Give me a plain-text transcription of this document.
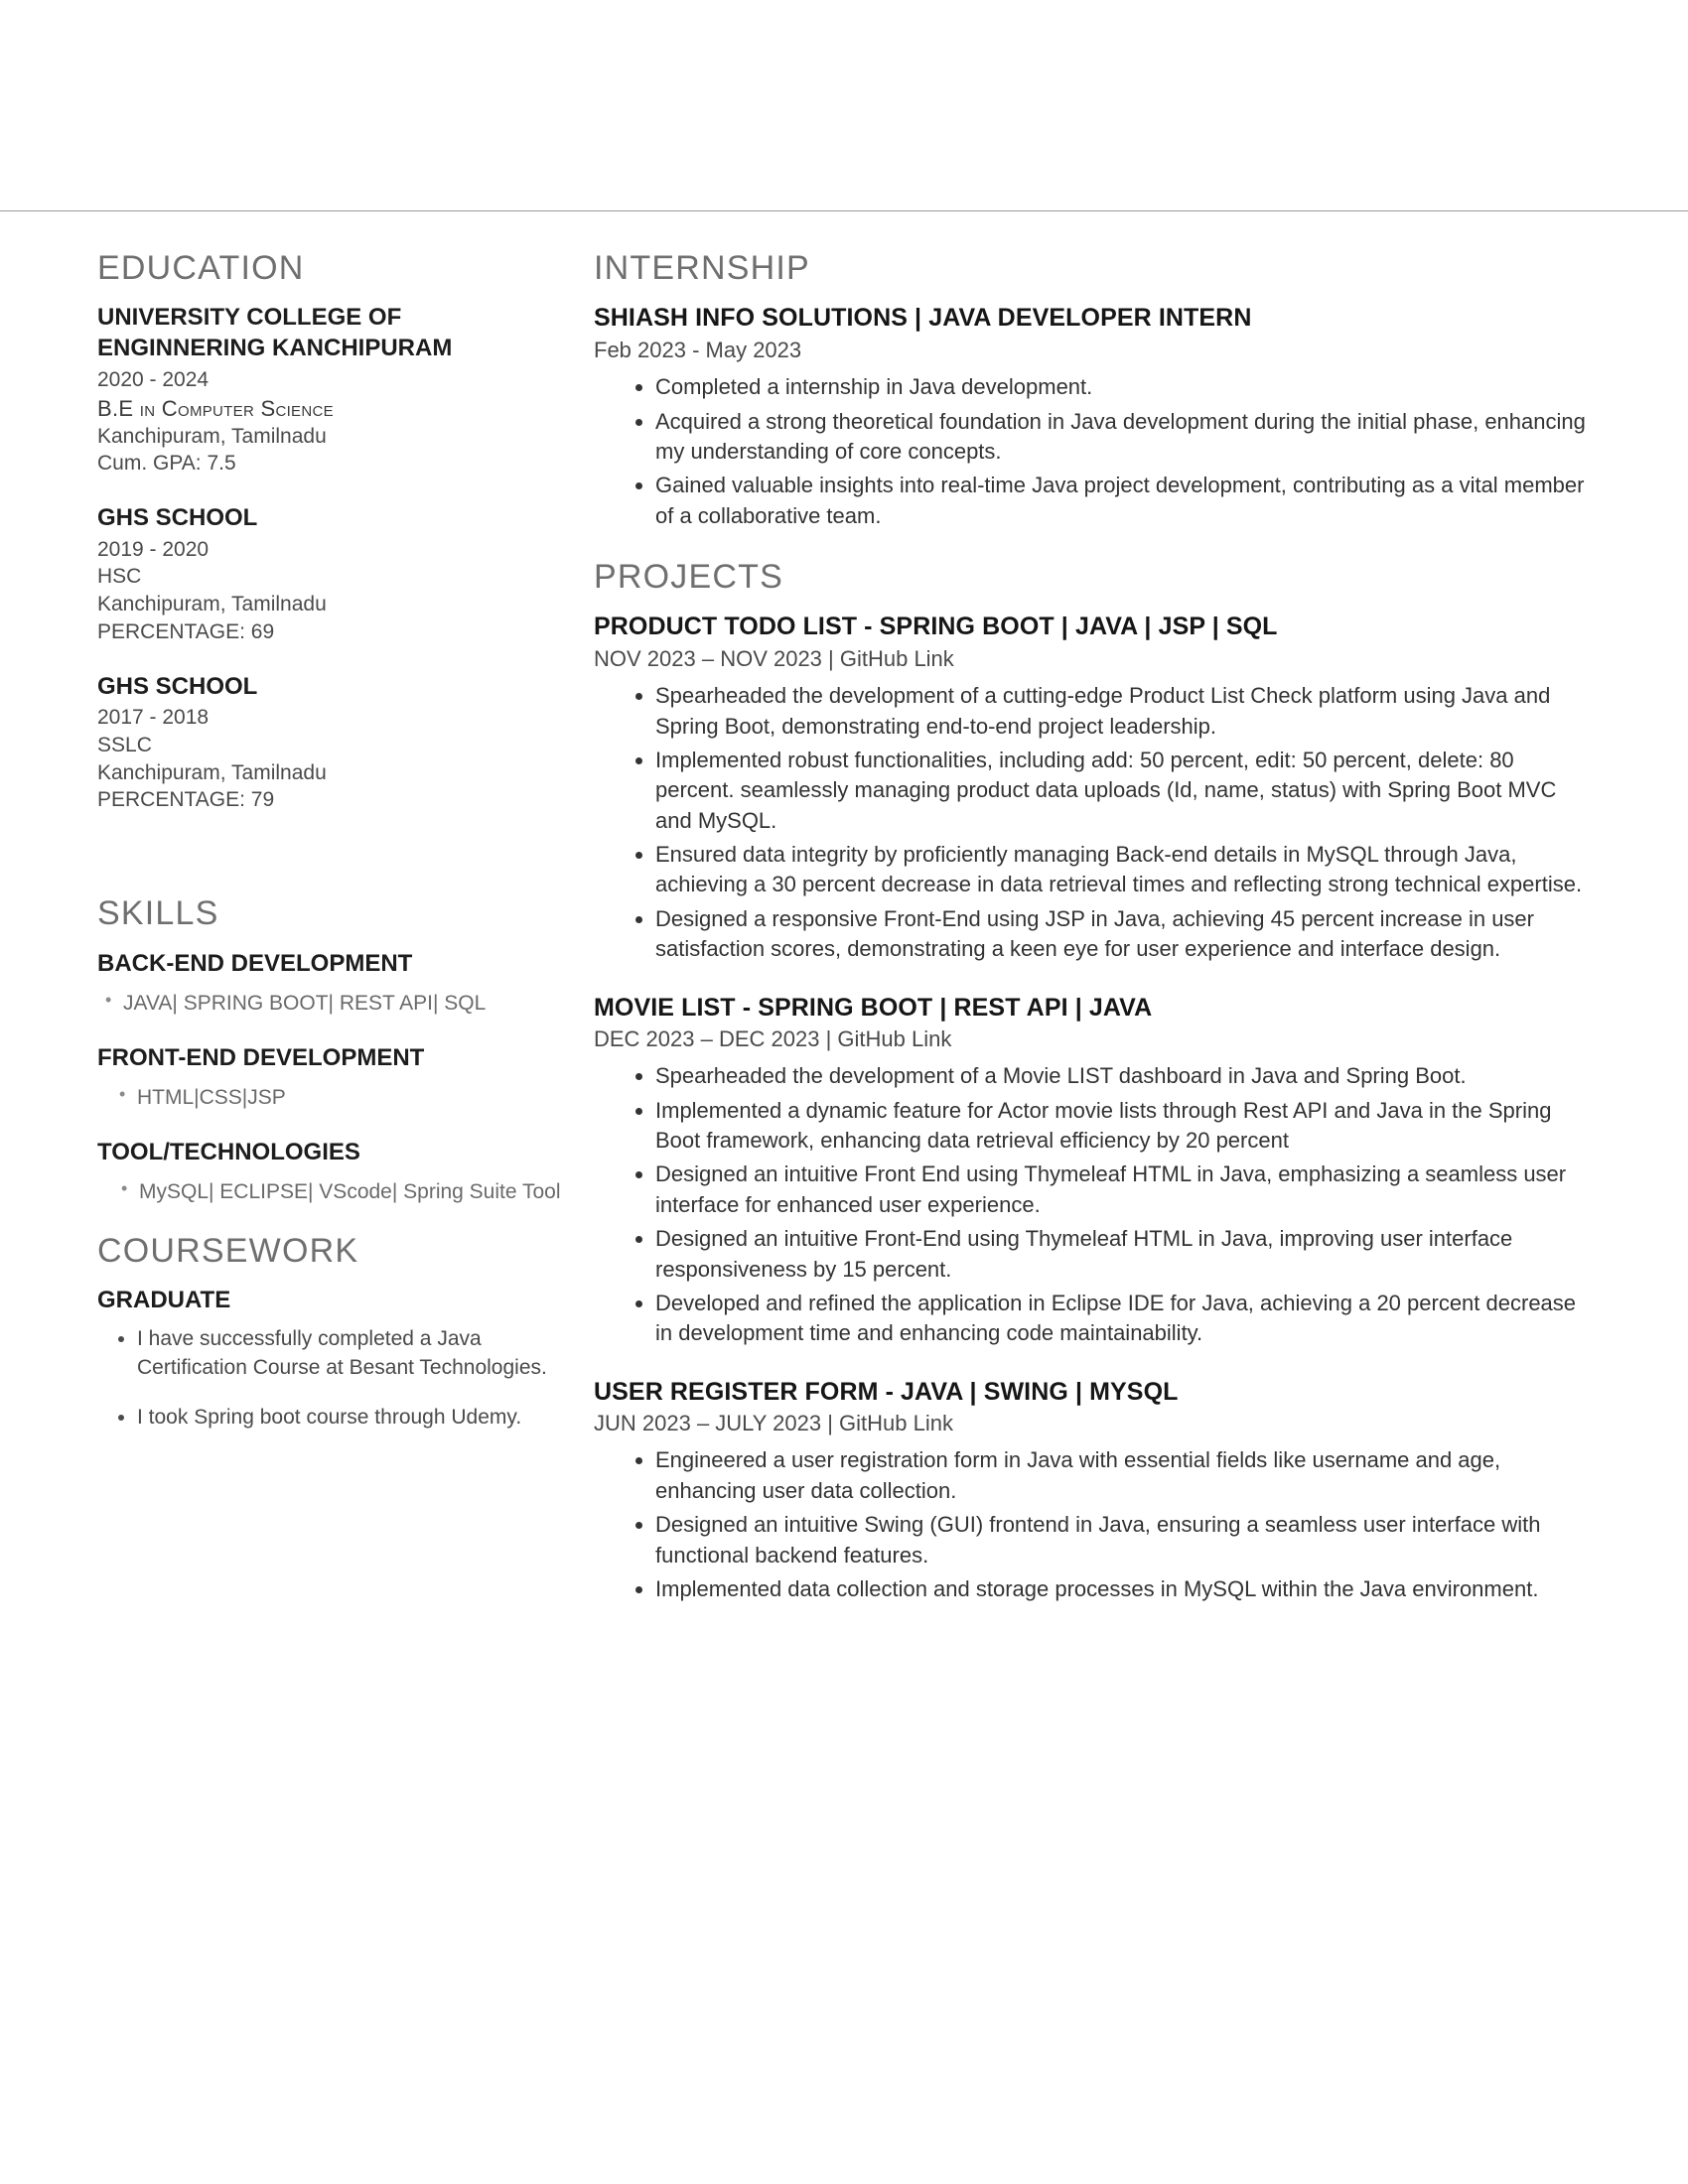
EDUCATION
UNIVERSITY COLLEGE OF ENGINNERING KANCHIPURAM
2020 - 2024
B.E in Computer Science
Kanchipuram, Tamilnadu
Cum. GPA: 7.5
GHS SCHOOL
2019 - 2020
HSC
Kanchipuram, Tamilnadu
PERCENTAGE: 69
GHS SCHOOL
2017 - 2018
SSLC
Kanchipuram, Tamilnadu
PERCENTAGE: 79
SKILLS
BACK-END DEVELOPMENT
• JAVA| SPRING BOOT| REST API| SQL
FRONT-END DEVELOPMENT
• HTML|CSS|JSP
TOOL/TECHNOLOGIES
• MySQL| ECLIPSE| VScode| Spring Suite Tool
COURSEWORK
GRADUATE
• I have successfully completed a Java Certification Course at Besant Technologies.
• I took Spring boot course through Udemy.
INTERNSHIP
SHIASH INFO SOLUTIONS | JAVA DEVELOPER INTERN
Feb 2023 - May 2023
• Completed a internship in Java development.
• Acquired a strong theoretical foundation in Java development during the initial phase, enhancing my understanding of core concepts.
• Gained valuable insights into real-time Java project development, contributing as a vital member of a collaborative team.
PROJECTS
PRODUCT TODO LIST - SPRING BOOT | JAVA | JSP | SQL
NOV 2023 – NOV 2023 | GitHub Link
• Spearheaded the development of a cutting-edge Product List Check platform using Java and Spring Boot, demonstrating end-to-end project leadership.
• Implemented robust functionalities, including add: 50 percent, edit: 50 percent, delete: 80 percent. seamlessly managing product data uploads (Id, name, status) with Spring Boot MVC and MySQL.
• Ensured data integrity by proficiently managing Back-end details in MySQL through Java, achieving a 30 percent decrease in data retrieval times and reflecting strong technical expertise.
• Designed a responsive Front-End using JSP in Java, achieving 45 percent increase in user satisfaction scores, demonstrating a keen eye for user experience and interface design.
MOVIE LIST - SPRING BOOT | REST API | JAVA
DEC 2023 – DEC 2023 | GitHub Link
• Spearheaded the development of a Movie LIST dashboard in Java and Spring Boot.
• Implemented a dynamic feature for Actor movie lists through Rest API and Java in the Spring Boot framework, enhancing data retrieval efficiency by 20 percent
• Designed an intuitive Front End using Thymeleaf HTML in Java, emphasizing a seamless user interface for enhanced user experience.
• Designed an intuitive Front-End using Thymeleaf HTML in Java, improving user interface responsiveness by 15 percent.
• Developed and refined the application in Eclipse IDE for Java, achieving a 20 percent decrease in development time and enhancing code maintainability.
USER REGISTER FORM - JAVA | SWING | MYSQL
JUN 2023 – JULY 2023 | GitHub Link
• Engineered a user registration form in Java with essential fields like username and age, enhancing user data collection.
• Designed an intuitive Swing (GUI) frontend in Java, ensuring a seamless user interface with functional backend features.
• Implemented data collection and storage processes in MySQL within the Java environment.
